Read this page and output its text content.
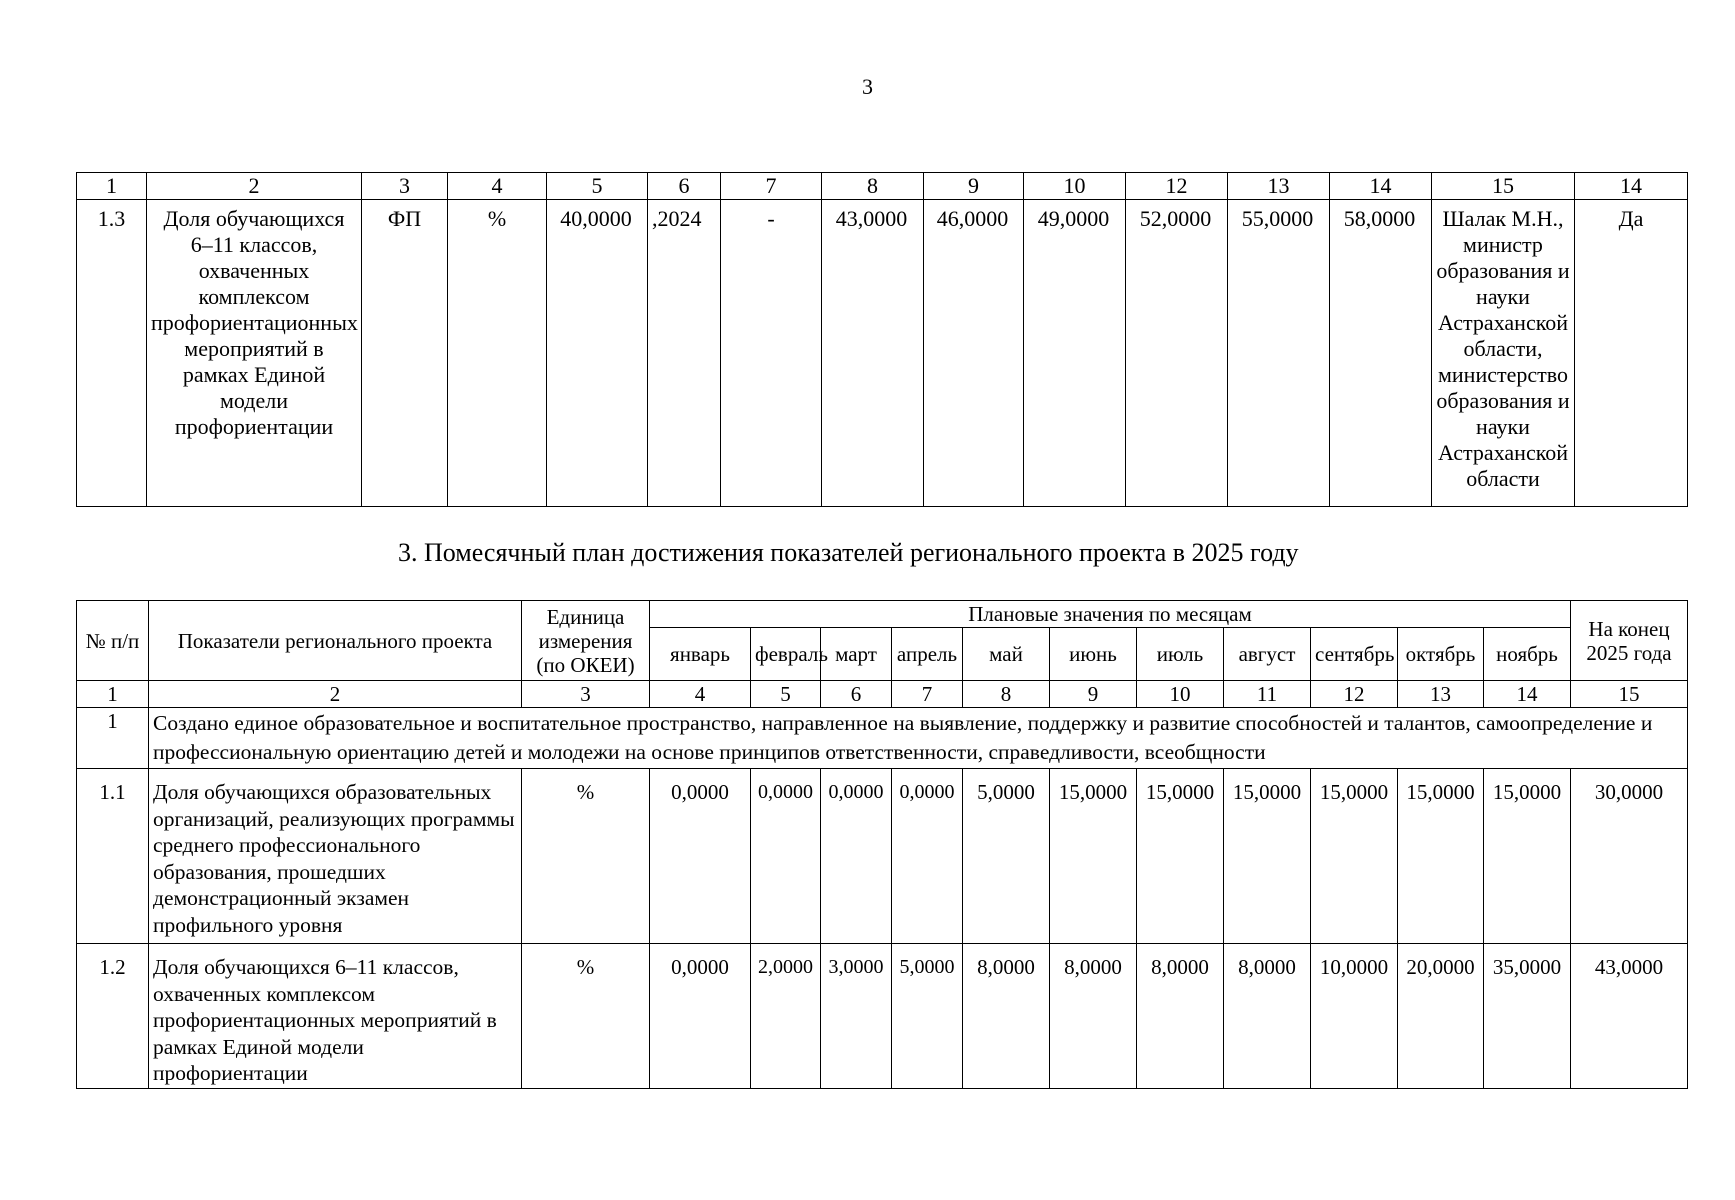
3
1	2	3	4	5	6	7	8	9	10	12	13	14	15	14
1.3	Доля обучающихся 6–11 классов, охваченных комплексом профориентационных мероприятий в рамках Единой модели профориентации	ФП	%	40,0000	,2024	-	43,0000	46,0000	49,0000	52,0000	55,0000	58,0000	Шалак М.Н., министр образования и науки Астраханской области, министерство образования и науки Астраханской области	Да
3. Помесячный план достижения показателей регионального проекта в 2025 году
№ п/п	Показатели регионального проекта	Единица измерения (по ОКЕИ)	Плановые значения по месяцам											На конец 2025 года
			январь	февраль	март	апрель	май	июнь	июль	август	сентябрь	октябрь	ноябрь	
1	2	3	4	5	6	7	8	9	10	11	12	13	14	15
1	Создано единое образовательное и воспитательное пространство, направленное на выявление, поддержку и развитие способностей и талантов, самоопределение и профессиональную ориентацию детей и молодежи на основе принципов ответственности, справедливости, всеобщности													
1.1	Доля обучающихся образовательных организаций, реализующих программы среднего профессионального образования, прошедших демонстрационный экзамен профильного уровня	%	0,0000	0,0000	0,0000	0,0000	5,0000	15,0000	15,0000	15,0000	15,0000	15,0000	15,0000	30,0000
1.2	Доля обучающихся 6–11 классов, охваченных комплексом профориентационных мероприятий в рамках Единой модели профориентации	%	0,0000	2,0000	3,0000	5,0000	8,0000	8,0000	8,0000	8,0000	10,0000	20,0000	35,0000	43,0000
